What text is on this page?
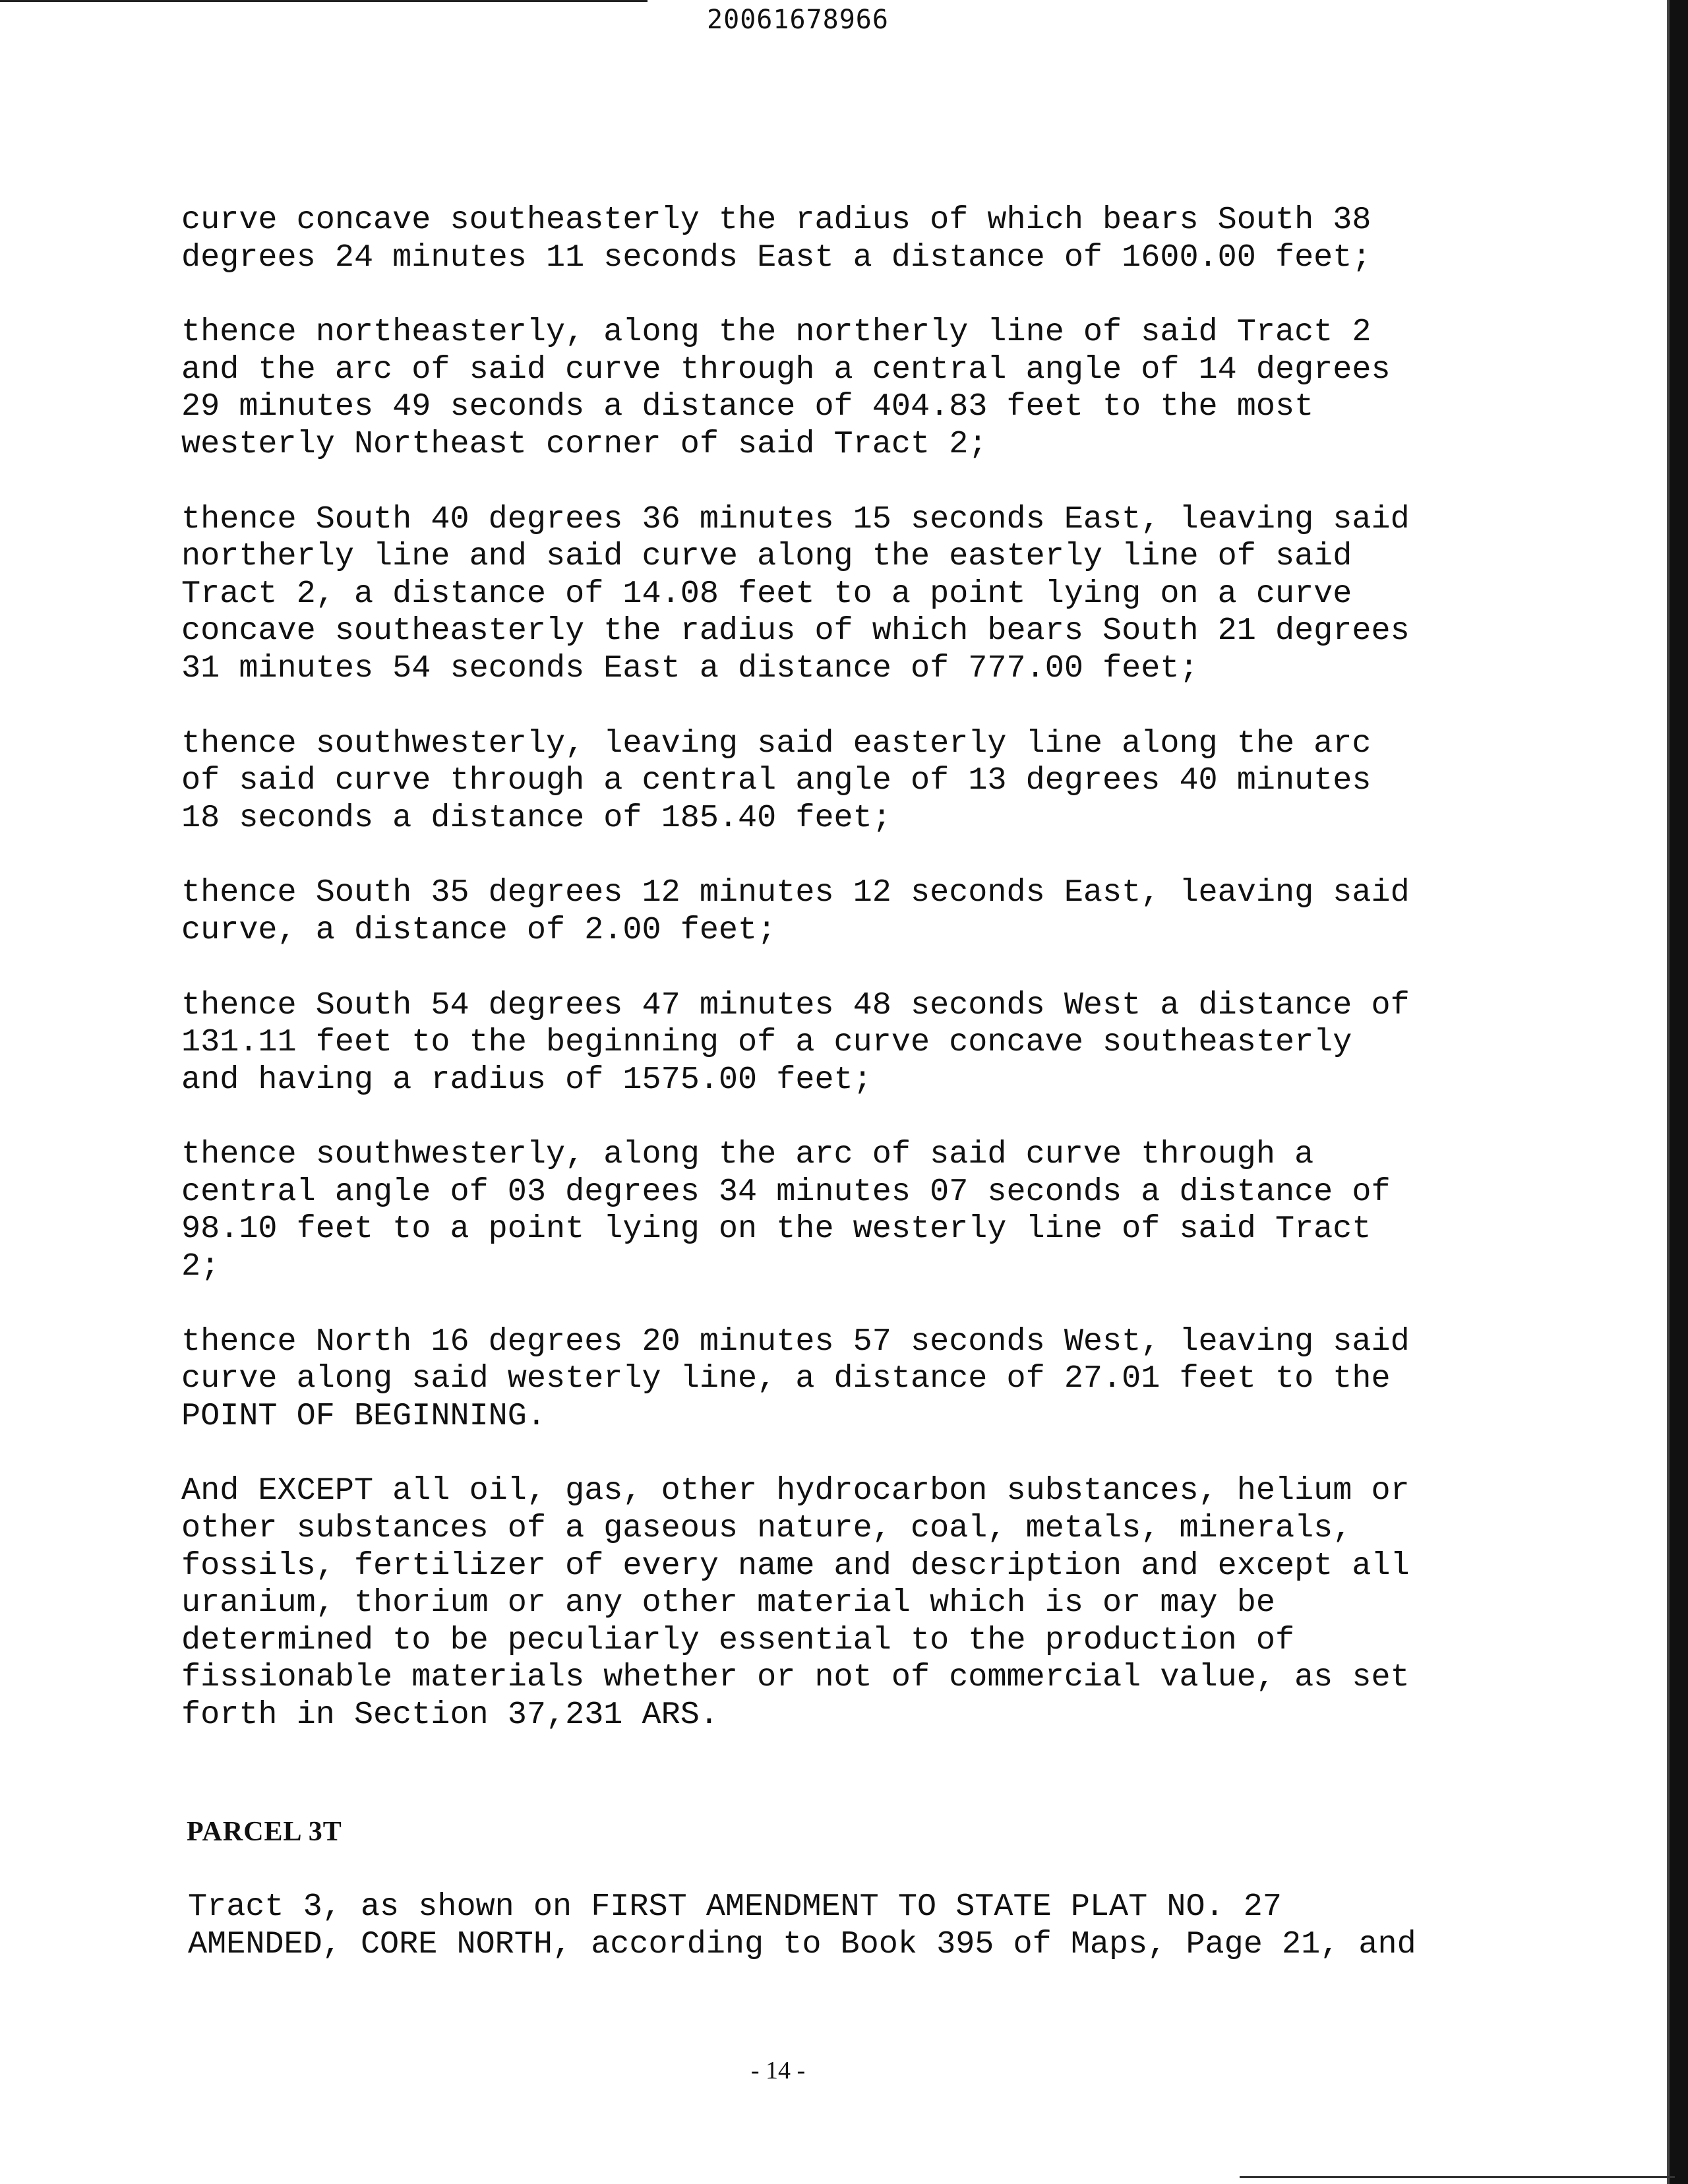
20061678966
curve concave southeasterly the radius of which bears South 38
degrees 24 minutes 11 seconds East a distance of 1600.00 feet;
thence northeasterly, along the northerly line of said Tract 2
and the arc of said curve through a central angle of 14 degrees
29 minutes 49 seconds a distance of 404.83 feet to the most
westerly Northeast corner of said Tract 2;
thence South 40 degrees 36 minutes 15 seconds East, leaving said
northerly line and said curve along the easterly line of said
Tract 2, a distance of 14.08 feet to a point lying on a curve
concave southeasterly the radius of which bears South 21 degrees
31 minutes 54 seconds East a distance of 777.00 feet;
thence southwesterly, leaving said easterly line along the arc
of said curve through a central angle of 13 degrees 40 minutes
18 seconds a distance of 185.40 feet;
thence South 35 degrees 12 minutes 12 seconds East, leaving said
curve, a distance of 2.00 feet;
thence South 54 degrees 47 minutes 48 seconds West a distance of
131.11 feet to the beginning of a curve concave southeasterly
and having a radius of 1575.00 feet;
thence southwesterly, along the arc of said curve through a
central angle of 03 degrees 34 minutes 07 seconds a distance of
98.10 feet to a point lying on the westerly line of said Tract
2;
thence North 16 degrees 20 minutes 57 seconds West, leaving said
curve along said westerly line, a distance of 27.01 feet to the
POINT OF BEGINNING.
And EXCEPT all oil, gas, other hydrocarbon substances, helium or
other substances of a gaseous nature, coal, metals, minerals,
fossils, fertilizer of every name and description and except all
uranium, thorium or any other material which is or may be
determined to be peculiarly essential to the production of
fissionable materials whether or not of commercial value, as set
forth in Section 37,231 ARS.
PARCEL 3T
Tract 3, as shown on FIRST AMENDMENT TO STATE PLAT NO. 27
AMENDED, CORE NORTH, according to Book 395 of Maps, Page 21, and
- 14 -
